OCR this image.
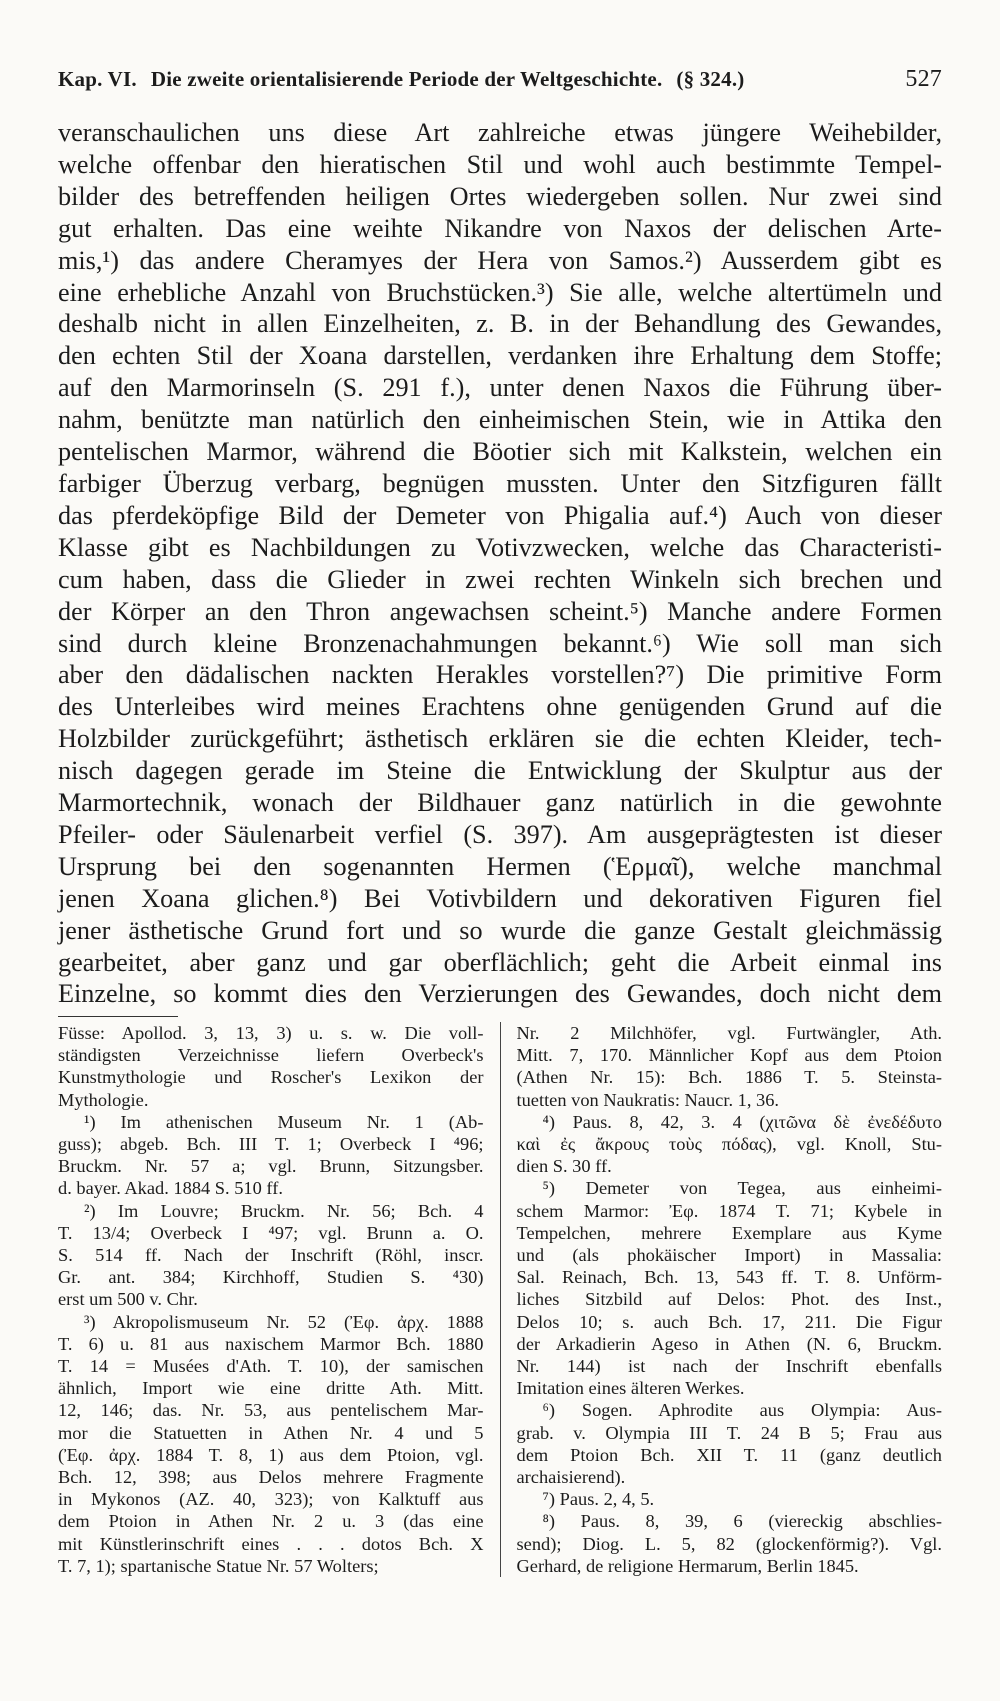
Kap. VI. Die zweite orientalisierende Periode der Weltgeschichte. (§ 324.)	527
veranschaulichen uns diese Art zahlreiche etwas jüngere Weihebilder,
welche offenbar den hieratischen Stil und wohl auch bestimmte Tempel-
bilder des betreffenden heiligen Ortes wiedergeben sollen. Nur zwei sind
gut erhalten. Das eine weihte Nikandre von Naxos der delischen Arte-
mis,¹) das andere Cheramyes der Hera von Samos.²) Ausserdem gibt es
eine erhebliche Anzahl von Bruchstücken.³) Sie alle, welche altertümeln und
deshalb nicht in allen Einzelheiten, z. B. in der Behandlung des Gewandes,
den echten Stil der Xoana darstellen, verdanken ihre Erhaltung dem Stoffe;
auf den Marmorinseln (S. 291 f.), unter denen Naxos die Führung über-
nahm, benützte man natürlich den einheimischen Stein, wie in Attika den
pentelischen Marmor, während die Böotier sich mit Kalkstein, welchen ein
farbiger Überzug verbarg, begnügen mussten. Unter den Sitzfiguren fällt
das pferdeköpfige Bild der Demeter von Phigalia auf.⁴) Auch von dieser
Klasse gibt es Nachbildungen zu Votivzwecken, welche das Characteristi-
cum haben, dass die Glieder in zwei rechten Winkeln sich brechen und
der Körper an den Thron angewachsen scheint.⁵) Manche andere Formen
sind durch kleine Bronzenachahmungen bekannt.⁶) Wie soll man sich
aber den dädalischen nackten Herakles vorstellen?⁷) Die primitive Form
des Unterleibes wird meines Erachtens ohne genügenden Grund auf die
Holzbilder zurückgeführt; ästhetisch erklären sie die echten Kleider, tech-
nisch dagegen gerade im Steine die Entwicklung der Skulptur aus der
Marmortechnik, wonach der Bildhauer ganz natürlich in die gewohnte
Pfeiler- oder Säulenarbeit verfiel (S. 397). Am ausgeprägtesten ist dieser
Ursprung bei den sogenannten Hermen (Ἑρμαῖ), welche manchmal
jenen Xoana glichen.⁸) Bei Votivbildern und dekorativen Figuren fiel
jener ästhetische Grund fort und so wurde die ganze Gestalt gleichmässig
gearbeitet, aber ganz und gar oberflächlich; geht die Arbeit einmal ins
Einzelne, so kommt dies den Verzierungen des Gewandes, doch nicht dem
Füsse: Apollod. 3, 13, 3) u. s. w. Die voll-
ständigsten Verzeichnisse liefern Overbeck's
Kunstmythologie und Roscher's Lexikon der
Mythologie.
¹) Im athenischen Museum Nr. 1 (Ab-
guss); abgeb. Bch. III T. 1; Overbeck I ⁴96;
Bruckm. Nr. 57 a; vgl. Brunn, Sitzungsber.
d. bayer. Akad. 1884 S. 510 ff.
²) Im Louvre; Bruckm. Nr. 56; Bch. 4
T. 13/4; Overbeck I ⁴97; vgl. Brunn a. O.
S. 514 ff. Nach der Inschrift (Röhl, inscr.
Gr. ant. 384; Kirchhoff, Studien S. ⁴30)
erst um 500 v. Chr.
³) Akropolismuseum Nr. 52 (Ἐφ. ἀρχ. 1888
T. 6) u. 81 aus naxischem Marmor Bch. 1880
T. 14 = Musées d'Ath. T. 10), der samischen
ähnlich, Import wie eine dritte Ath. Mitt.
12, 146; das. Nr. 53, aus pentelischem Mar-
mor die Statuetten in Athen Nr. 4 und 5
(Ἐφ. ἀρχ. 1884 T. 8, 1) aus dem Ptoion, vgl.
Bch. 12, 398; aus Delos mehrere Fragmente
in Mykonos (AZ. 40, 323); von Kalktuff aus
dem Ptoion in Athen Nr. 2 u. 3 (das eine
mit Künstlerinschrift eines . . . dotos Bch. X
T. 7, 1); spartanische Statue Nr. 57 Wolters;
Nr. 2 Milchhöfer, vgl. Furtwängler, Ath.
Mitt. 7, 170. Männlicher Kopf aus dem Ptoion
(Athen Nr. 15): Bch. 1886 T. 5. Steinsta-
tuetten von Naukratis: Naucr. 1, 36.
⁴) Paus. 8, 42, 3. 4 (χιτῶνα δὲ ἐνεδέδυτο
καὶ ἐς ἄκρους τοὺς πόδας), vgl. Knoll, Stu-
dien S. 30 ff.
⁵) Demeter von Tegea, aus einheimi-
schem Marmor: Ἐφ. 1874 T. 71; Kybele in
Tempelchen, mehrere Exemplare aus Kyme
und (als phokäischer Import) in Massalia:
Sal. Reinach, Bch. 13, 543 ff. T. 8. Unförm-
liches Sitzbild auf Delos: Phot. des Inst.,
Delos 10; s. auch Bch. 17, 211. Die Figur
der Arkadierin Ageso in Athen (N. 6, Bruckm.
Nr. 144) ist nach der Inschrift ebenfalls
Imitation eines älteren Werkes.
⁶) Sogen. Aphrodite aus Olympia: Aus-
grab. v. Olympia III T. 24 B 5; Frau aus
dem Ptoion Bch. XII T. 11 (ganz deutlich
archaisierend).
⁷) Paus. 2, 4, 5.
⁸) Paus. 8, 39, 6 (viereckig abschlies-
send); Diog. L. 5, 82 (glockenförmig?). Vgl.
Gerhard, de religione Hermarum, Berlin 1845.
